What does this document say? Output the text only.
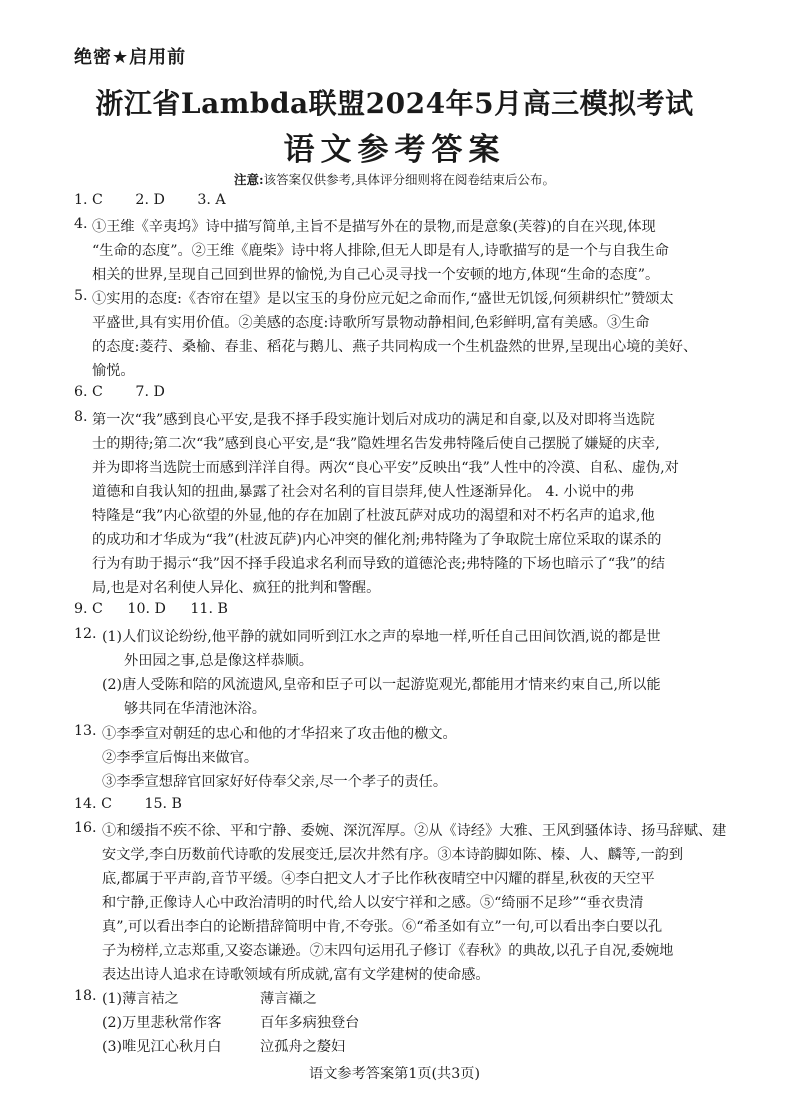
绝密★启用前
浙江省Lambda联盟2024年5月高三模拟考试
语文参考答案
注意:该答案仅供参考,具体评分细则将在阅卷结束后公布。
1. C 2. D 3. A
4. ①王维《辛夷坞》诗中描写简单,主旨不是描写外在的景物,而是意象(芙蓉)的自在兴现,体现
“生命的态度”。②王维《鹿柴》诗中将人排除,但无人即是有人,诗歌描写的是一个与自我生命
相关的世界,呈现自己回到世界的愉悦,为自己心灵寻找一个安顿的地方,体现“生命的态度”。
5. ①实用的态度:《杏帘在望》是以宝玉的身份应元妃之命而作,“盛世无饥馁,何须耕织忙”赞颂太
平盛世,具有实用价值。②美感的态度:诗歌所写景物动静相间,色彩鲜明,富有美感。③生命
的态度:菱荇、桑榆、春韭、稻花与鹅儿、燕子共同构成一个生机盎然的世界,呈现出心境的美好、
愉悦。
6. C 7. D
8. 第一次“我”感到良心平安,是我不择手段实施计划后对成功的满足和自豪,以及对即将当选院
士的期待;第二次“我”感到良心平安,是“我”隐姓埋名告发弗特隆后使自己摆脱了嫌疑的庆幸,
并为即将当选院士而感到洋洋自得。两次“良心平安”反映出“我”人性中的冷漠、自私、虚伪,对
道德和自我认知的扭曲,暴露了社会对名利的盲目崇拜,使人性逐渐异化。 4. 小说中的弗
特隆是“我”内心欲望的外显,他的存在加剧了杜波瓦萨对成功的渴望和对不朽名声的追求,他
的成功和才华成为“我”(杜波瓦萨)内心冲突的催化剂;弗特隆为了争取院士席位采取的谋杀的
行为有助于揭示“我”因不择手段追求名利而导致的道德沦丧;弗特隆的下场也暗示了“我”的结
局,也是对名利使人异化、疯狂的批判和警醒。
9. C 10. D 11. B
12. (1)人们议论纷纷,他平静的就如同听到江水之声的皋地一样,听任自己田间饮酒,说的都是世
外田园之事,总是像这样恭顺。
(2)唐人受陈和陪的风流遗风,皇帝和臣子可以一起游览观光,都能用才情来约束自己,所以能
够共同在华清池沐浴。
13. ①李季宣对朝廷的忠心和他的才华招来了攻击他的檄文。
②李季宣后悔出来做官。
③李季宣想辞官回家好好侍奉父亲,尽一个孝子的责任。
14. C 15. B
16. ①和缓指不疾不徐、平和宁静、委婉、深沉浑厚。②从《诗经》大雅、王风到骚体诗、扬马辞赋、建
安文学,李白历数前代诗歌的发展变迁,层次井然有序。③本诗韵脚如陈、榛、人、麟等,一韵到
底,都属于平声韵,音节平缓。④李白把文人才子比作秋夜晴空中闪耀的群星,秋夜的天空平
和宁静,正像诗人心中政治清明的时代,给人以安宁祥和之感。⑤“绮丽不足珍”“垂衣贵清
真”,可以看出李白的论断措辞简明中肯,不夸张。⑥“希圣如有立”一句,可以看出李白要以孔
子为榜样,立志郑重,又姿态谦逊。⑦末四句运用孔子修订《春秋》的典故,以孔子自况,委婉地
表达出诗人追求在诗歌领域有所成就,富有文学建树的使命感。
18. (1)薄言袺之	薄言襭之
(2)万里悲秋常作客	百年多病独登台
(3)唯见江心秋月白	泣孤舟之嫠妇
语文参考答案第1页(共3页)
